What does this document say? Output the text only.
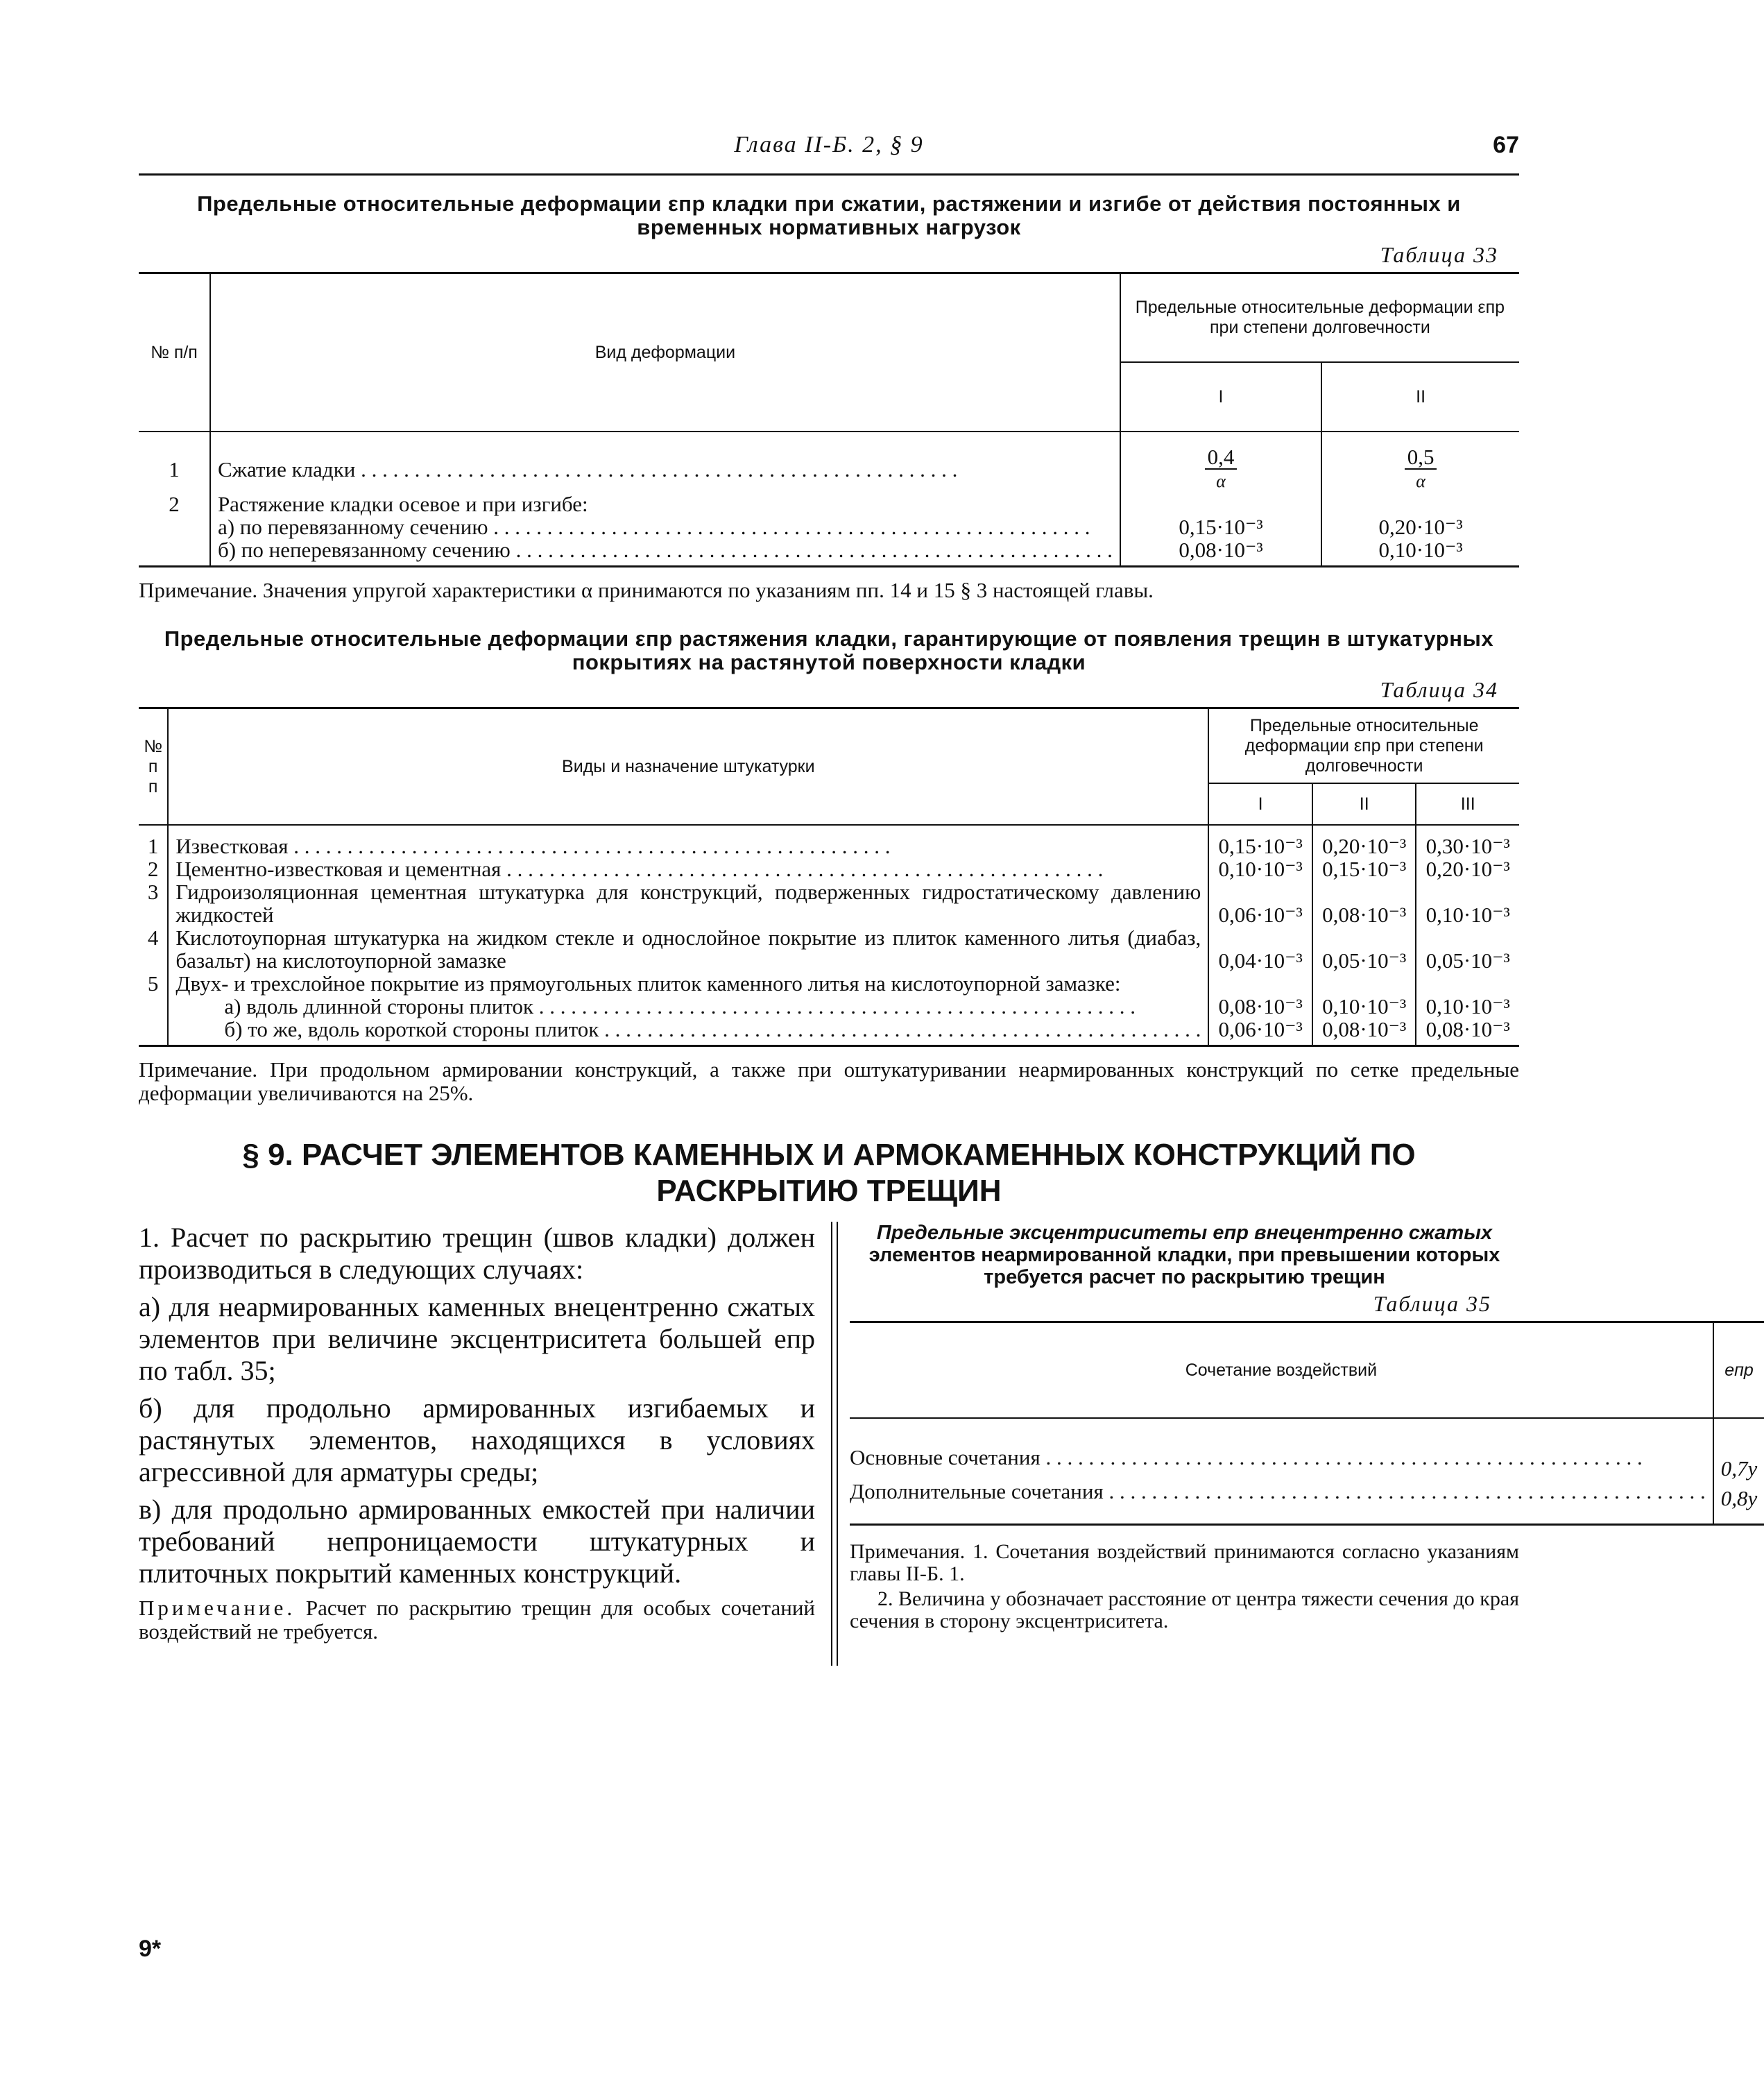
Глава II-Б. 2, § 9	67
Предельные относительные деформации εпр кладки при сжатии, растяжении и изгибе от действия постоянных и временных нормативных нагрузок
Таблица 33
№ п/п	Вид деформации	Предельные относительные деформации εпр при степени долговечности	
		I	II

1	Сжатие кладки . . .	$\frac{0,4}{\alpha}$	$\frac{0,5}{\alpha}$

2	Растяжение кладки осевое и при изгибе:		
	а) по перевязанному сечению . . .	0,15·10⁻³	0,20·10⁻³
	б) по неперевязанному сечению . . .	0,08·10⁻³	0,10·10⁻³
Примечание. Значения упругой характеристики α принимаются по указаниям пп. 14 и 15 § 3 настоящей главы.
Предельные относительные деформации εпр растяжения кладки, гарантирующие от появления трещин в штукатурных покрытиях на растянутой поверхности кладки
Таблица 34
№ п п	Виды и назначение штукатурки	Предельные относительные деформации εпр при степени долговечности		
		I	II	III

1	Известковая . . .	0,15·10⁻³	0,20·10⁻³	0,30·10⁻³
2	Цементно-известковая и цементная . . .	0,10·10⁻³	0,15·10⁻³	0,20·10⁻³
3	Гидроизоляционная цементная штукатурка для конструкций, подверженных гидростатическому давлению жидкостей	0,06·10⁻³	0,08·10⁻³	0,10·10⁻³
4	Кислотоупорная штукатурка на жидком стекле и однослойное покрытие из плиток каменного литья (диабаз, базальт) на кислотоупорной замазке	0,04·10⁻³	0,05·10⁻³	0,05·10⁻³
5	Двух- и трехслойное покрытие из прямоугольных плиток каменного литья на кислотоупорной замазке:			
	а) вдоль длинной стороны плиток . . .	0,08·10⁻³	0,10·10⁻³	0,10·10⁻³
	б) то же, вдоль короткой стороны плиток . . .	0,06·10⁻³	0,08·10⁻³	0,08·10⁻³
Примечание. При продольном армировании конструкций, а также при оштукатуривании неармированных конструкций по сетке предельные деформации увеличиваются на 25%.
§ 9. РАСЧЕТ ЭЛЕМЕНТОВ КАМЕННЫХ И АРМОКАМЕННЫХ КОНСТРУКЦИЙ ПО РАСКРЫТИЮ ТРЕЩИН

1. Расчет по раскрытию трещин (швов кладки) должен производиться в следующих случаях:

а) для неармированных каменных внецентренно сжатых элементов при величине эксцентриситета большей eпр по табл. 35;

б) для продольно армированных изгибаемых и растянутых элементов, находящихся в условиях агрессивной для арматуры среды;

в) для продольно армированных емкостей при наличии требований непроницаемости штукатурных и плиточных покрытий каменных конструкций.

Примечание. Расчет по раскрытию трещин для особых сочетаний воздействий не требуется.

Предельные эксцентриситеты eпр внецентренно сжатых элементов неармированной кладки, при превышении которых требуется расчет по раскрытию трещин
Таблица 35
Сочетание воздействий	eпр

Основные сочетания . . .	0,7y
Дополнительные сочетания . . .	0,8y
Примечания. 1. Сочетания воздействий принимаются согласно указаниям главы II-Б. 1.
2. Величина y обозначает расстояние от центра тяжести сечения до края сечения в сторону эксцентриситета.
9*
